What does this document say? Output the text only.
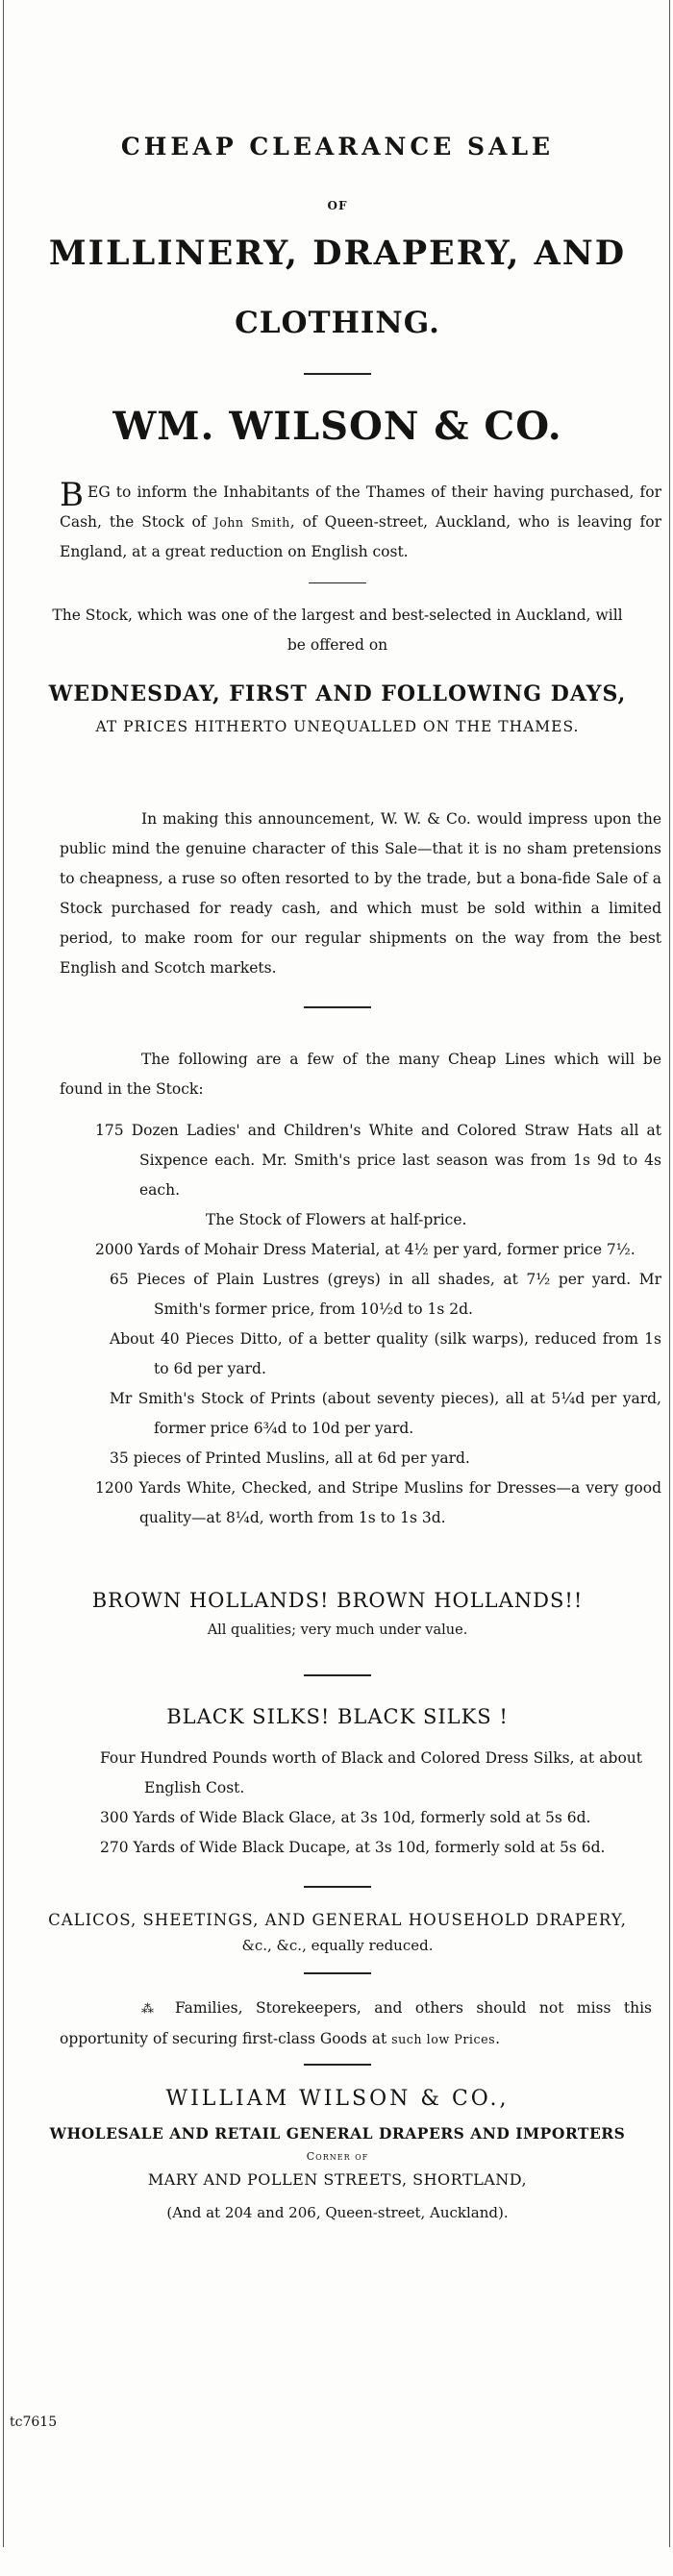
CHEAP CLEARANCE SALE
OF
MILLINERY, DRAPERY, AND
CLOTHING.
WM. WILSON & CO.

BEG to inform the Inhabitants of the Thames of their having purchased, for Cash, the Stock of John Smith, of Queen-street, Auckland, who is leaving for England, at a great reduction on English cost.

The Stock, which was one of the largest and best-selected in Auckland, will be offered on

WEDNESDAY, FIRST AND FOLLOWING DAYS,
AT PRICES HITHERTO UNEQUALLED ON THE THAMES.

In making this announcement, W. W. & Co. would impress upon the public mind the genuine character of this Sale—that it is no sham pretensions to cheapness, a ruse so often resorted to by the trade, but a bona-fide Sale of a Stock purchased for ready cash, and which must be sold within a limited period, to make room for our regular shipments on the way from the best English and Scotch markets.

The following are a few of the many Cheap Lines which will be found in the Stock:

175 Dozen Ladies' and Children's White and Colored Straw Hats all at Sixpence each. Mr. Smith's price last season was from 1s 9d to 4s each.

The Stock of Flowers at half-price.

2000 Yards of Mohair Dress Material, at 4½ per yard, former price 7½.

65 Pieces of Plain Lustres (greys) in all shades, at 7½ per yard. Mr Smith's former price, from 10½d to 1s 2d.

About 40 Pieces Ditto, of a better quality (silk warps), reduced from 1s to 6d per yard.

Mr Smith's Stock of Prints (about seventy pieces), all at 5¼d per yard, former price 6¾d to 10d per yard.

35 pieces of Printed Muslins, all at 6d per yard.

1200 Yards White, Checked, and Stripe Muslins for Dresses—a very good quality—at 8¼d, worth from 1s to 1s 3d.

BROWN HOLLANDS! BROWN HOLLANDS!!
All qualities; very much under value.
BLACK SILKS! BLACK SILKS !

Four Hundred Pounds worth of Black and Colored Dress Silks, at about English Cost.

300 Yards of Wide Black Glace, at 3s 10d, formerly sold at 5s 6d.

270 Yards of Wide Black Ducape, at 3s 10d, formerly sold at 5s 6d.

CALICOS, SHEETINGS, AND GENERAL HOUSEHOLD DRAPERY,
&c., &c., equally reduced.

⁂ Families, Storekeepers, and others should not miss this opportunity of securing first-class Goods at such low Prices.

WILLIAM WILSON & CO.,
WHOLESALE AND RETAIL GENERAL DRAPERS AND IMPORTERS
Corner of
MARY AND POLLEN STREETS, SHORTLAND,
(And at 204 and 206, Queen-street, Auckland).
tc7615
